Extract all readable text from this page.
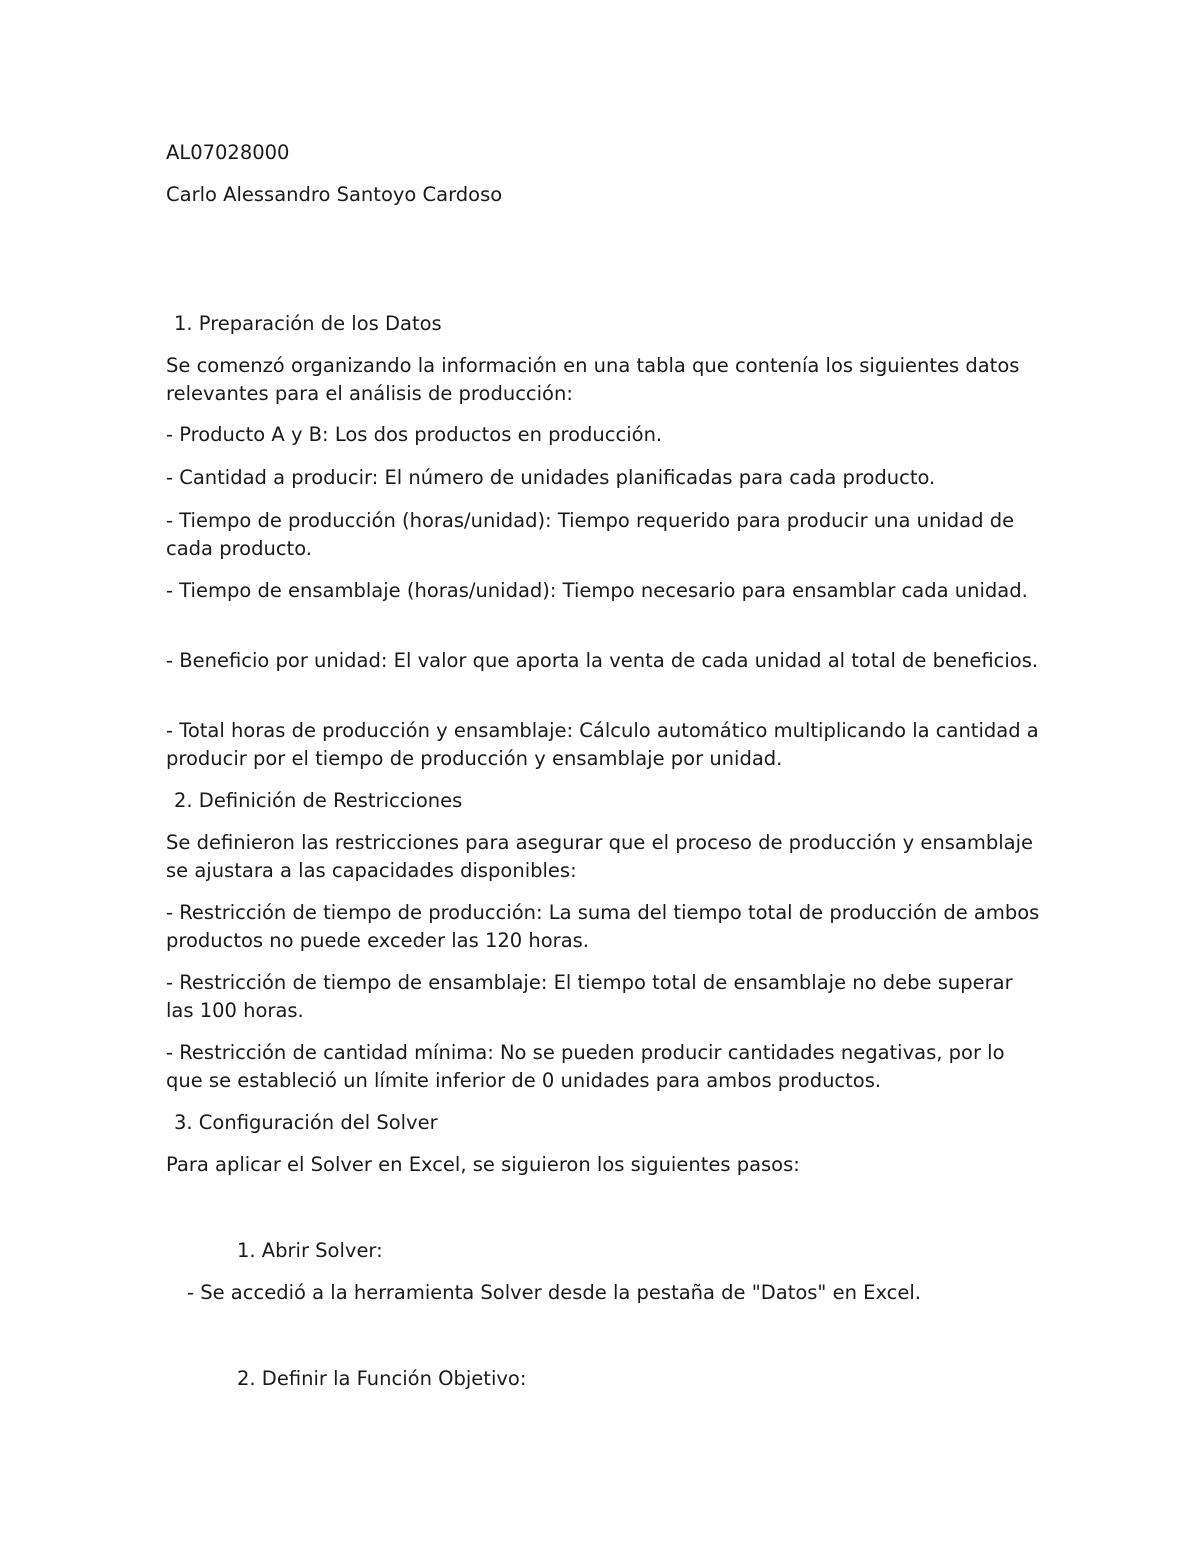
AL07028000
Carlo Alessandro Santoyo Cardoso
1. Preparación de los Datos
Se comenzó organizando la información en una tabla que contenía los siguientes datos relevantes para el análisis de producción:
- Producto A y B: Los dos productos en producción.
- Cantidad a producir: El número de unidades planificadas para cada producto.
- Tiempo de producción (horas/unidad): Tiempo requerido para producir una unidad de cada producto.
- Tiempo de ensamblaje (horas/unidad): Tiempo necesario para ensamblar cada unidad.
- Beneficio por unidad: El valor que aporta la venta de cada unidad al total de beneficios.
- Total horas de producción y ensamblaje: Cálculo automático multiplicando la cantidad a producir por el tiempo de producción y ensamblaje por unidad.
2. Definición de Restricciones
Se definieron las restricciones para asegurar que el proceso de producción y ensamblaje se ajustara a las capacidades disponibles:
- Restricción de tiempo de producción: La suma del tiempo total de producción de ambos productos no puede exceder las 120 horas.
- Restricción de tiempo de ensamblaje: El tiempo total de ensamblaje no debe superar las 100 horas.
- Restricción de cantidad mínima: No se pueden producir cantidades negativas, por lo que se estableció un límite inferior de 0 unidades para ambos productos.
3. Configuración del Solver
Para aplicar el Solver en Excel, se siguieron los siguientes pasos:
1. Abrir Solver:
- Se accedió a la herramienta Solver desde la pestaña de "Datos" en Excel.
2. Definir la Función Objetivo:
